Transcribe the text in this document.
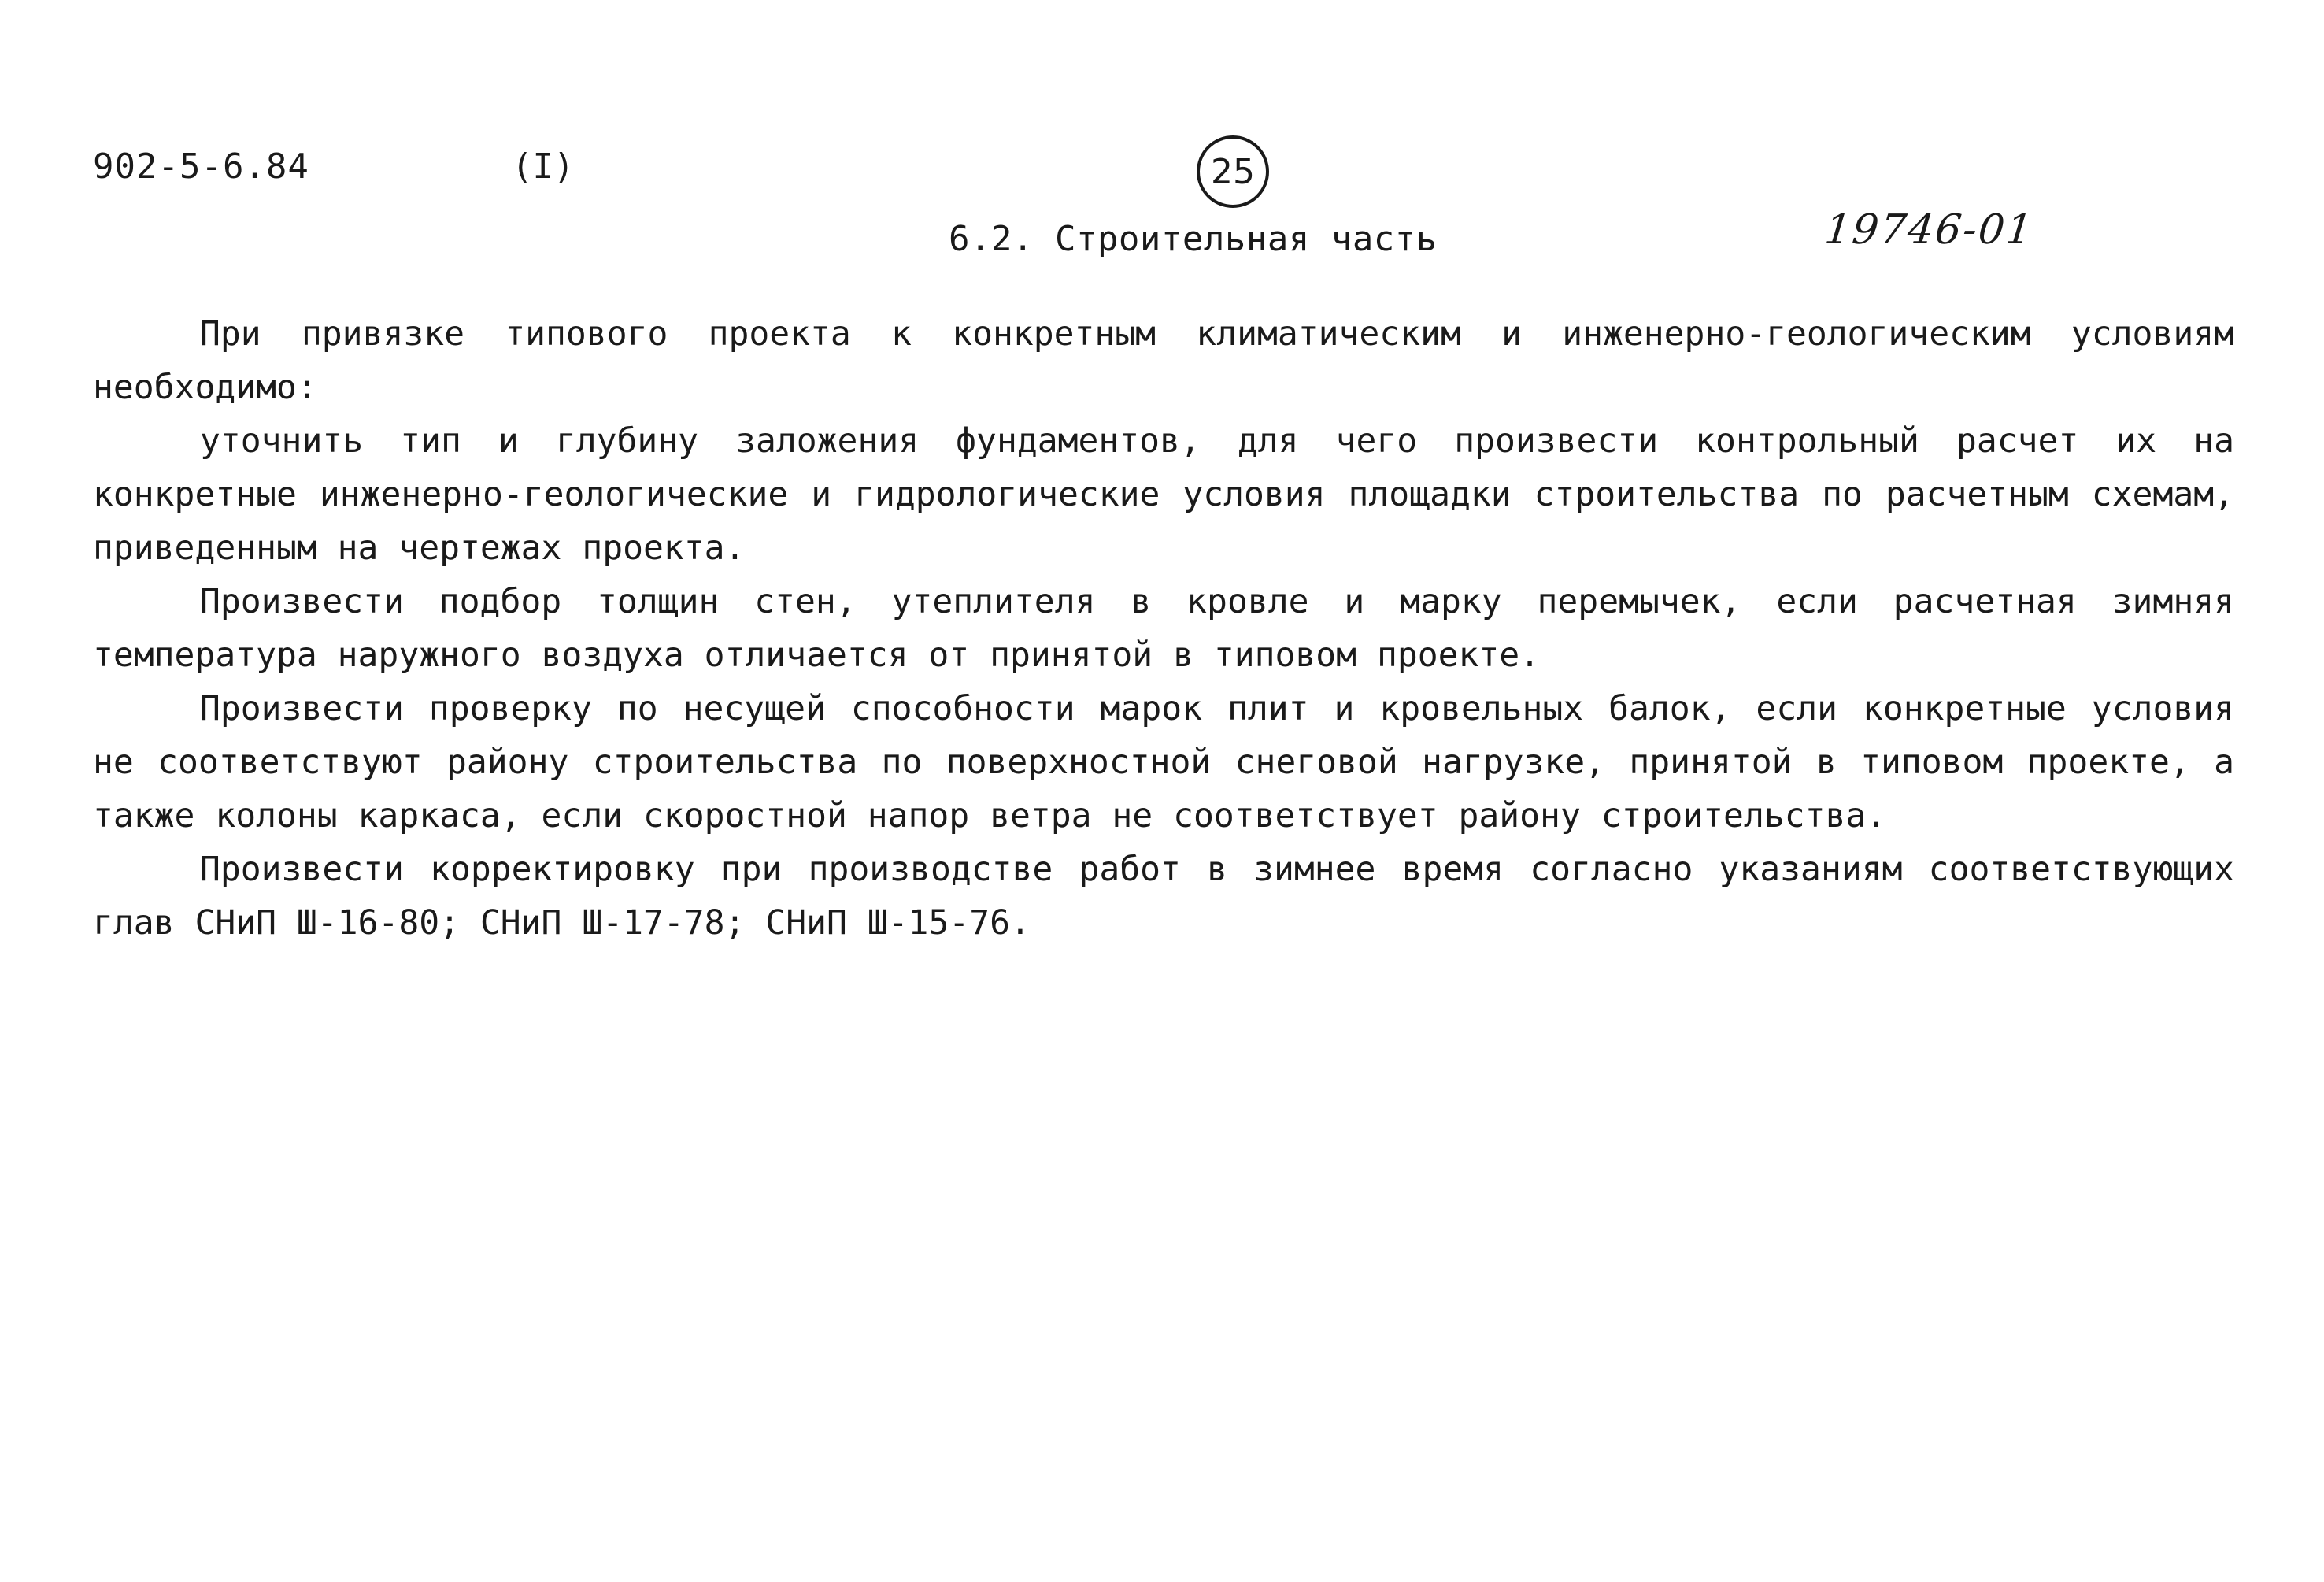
902-5-6.84	(I)	25
6.2. Строительная часть	19746-01

При привязке типового проекта к конкретным климатическим и инженерно-геологическим условиям необходимо:

уточнить тип и глубину заложения фундаментов, для чего произвести контрольный расчет их на конкретные инженерно-геологические и гидрологические условия площадки строительства по расчетным схемам, приведенным на чертежах проекта.

Произвести подбор толщин стен, утеплителя в кровле и марку перемычек, если расчетная зимняя температура наружного воздуха отличается от принятой в типовом проекте.

Произвести проверку по несущей способности марок плит и кровельных балок, если конкретные условия не соответствуют району строительства по поверхностной снеговой нагрузке, принятой в типовом проекте, а также колоны каркаса, если скоростной напор ветра не соответствует району строительства.

Произвести корректировку при производстве работ в зимнее время согласно указаниям соответствующих глав СНиП Ш-16-80; СНиП Ш-17-78; СНиП Ш-15-76.
